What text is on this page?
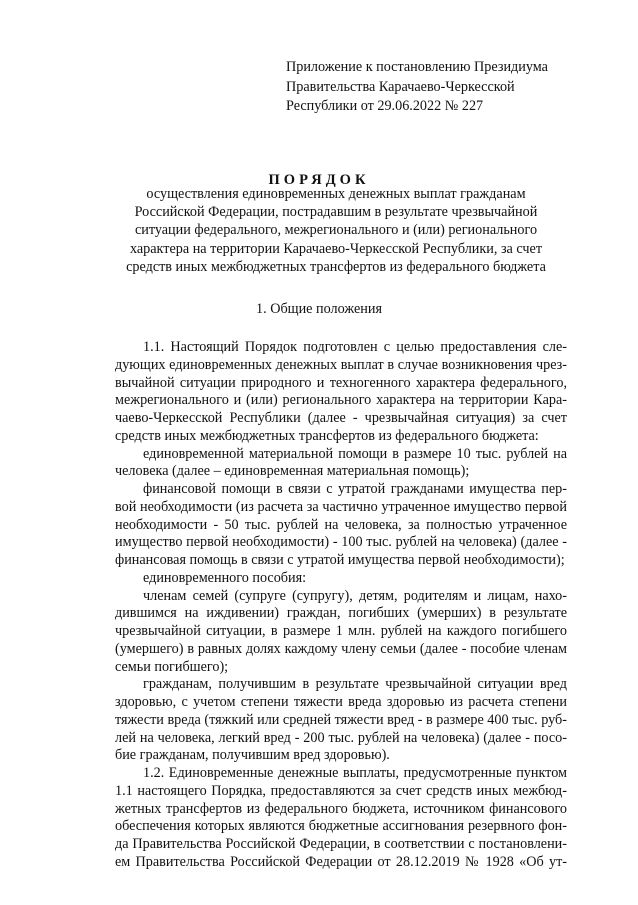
Приложение к постановлению Президиума
Правительства Карачаево-Черкесской
Республики от 29.06.2022 № 227
ПОРЯДОК
осуществления единовременных денежных выплат гражданам
Российской Федерации, пострадавшим в результате чрезвычайной
ситуации федерального, межрегионального и (или) регионального
характера на территории Карачаево-Черкесской Республики, за счет
средств иных межбюджетных трансфертов из федерального бюджета
1. Общие положения
1.1. Настоящий Порядок подготовлен с целью предоставления сле-
дующих единовременных денежных выплат в случае возникновения чрез-
вычайной ситуации природного и техногенного характера федерального,
межрегионального и (или) регионального характера на территории Кара-
чаево-Черкесской Республики (далее - чрезвычайная ситуация) за счет
средств иных межбюджетных трансфертов из федерального бюджета:
единовременной материальной помощи в размере 10 тыс. рублей на
человека (далее – единовременная материальная помощь);
финансовой помощи в связи с утратой гражданами имущества пер-
вой необходимости (из расчета за частично утраченное имущество первой
необходимости - 50 тыс. рублей на человека, за полностью утраченное
имущество первой необходимости) - 100 тыс. рублей на человека) (далее -
финансовая помощь в связи с утратой имущества первой необходимости);
единовременного пособия:
членам семей (супруге (супругу), детям, родителям и лицам, нахо-
дившимся на иждивении) граждан, погибших (умерших) в результате
чрезвычайной ситуации, в размере 1 млн. рублей на каждого погибшего
(умершего) в равных долях каждому члену семьи (далее - пособие членам
семьи погибшего);
гражданам, получившим в результате чрезвычайной ситуации вред
здоровью, с учетом степени тяжести вреда здоровью из расчета степени
тяжести вреда (тяжкий или средней тяжести вред - в размере 400 тыс. руб-
лей на человека, легкий вред - 200 тыс. рублей на человека) (далее - посо-
бие гражданам, получившим вред здоровью).
1.2. Единовременные денежные выплаты, предусмотренные пунктом
1.1 настоящего Порядка, предоставляются за счет средств иных межбюд-
жетных трансфертов из федерального бюджета, источником финансового
обеспечения которых являются бюджетные ассигнования резервного фон-
да Правительства Российской Федерации, в соответствии с постановлени-
ем Правительства Российской Федерации от 28.12.2019 № 1928 «Об ут-
